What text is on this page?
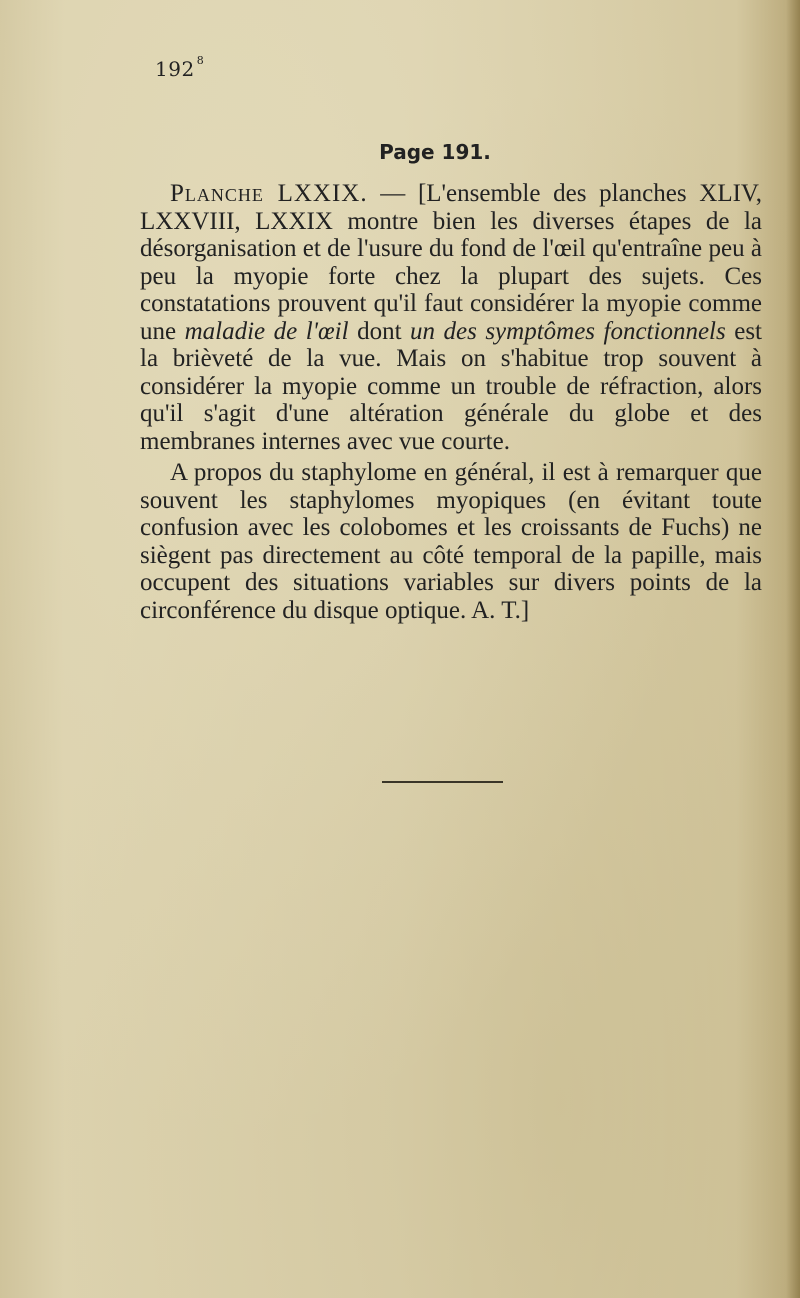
192 $^8$
Page 191.

Planche LXXIX. — [L'ensemble des planches XLIV, LXXVIII, LXXIX montre bien les diverses étapes de la désorganisation et de l'usure du fond de l'œil qu'entraîne peu à peu la myopie forte chez la plupart des sujets. Ces constatations prouvent qu'il faut considérer la myopie comme une maladie de l'œil dont un des symptômes fonctionnels est la brièveté de la vue. Mais on s'habitue trop souvent à considérer la myopie comme un trouble de réfraction, alors qu'il s'agit d'une altération générale du globe et des membranes internes avec vue courte.

A propos du staphylome en général, il est à remarquer que souvent les staphylomes myopiques (en évitant toute confusion avec les colobomes et les croissants de Fuchs) ne siègent pas directement au côté temporal de la papille, mais occupent des situations variables sur divers points de la circonférence du disque optique. A. T.]
